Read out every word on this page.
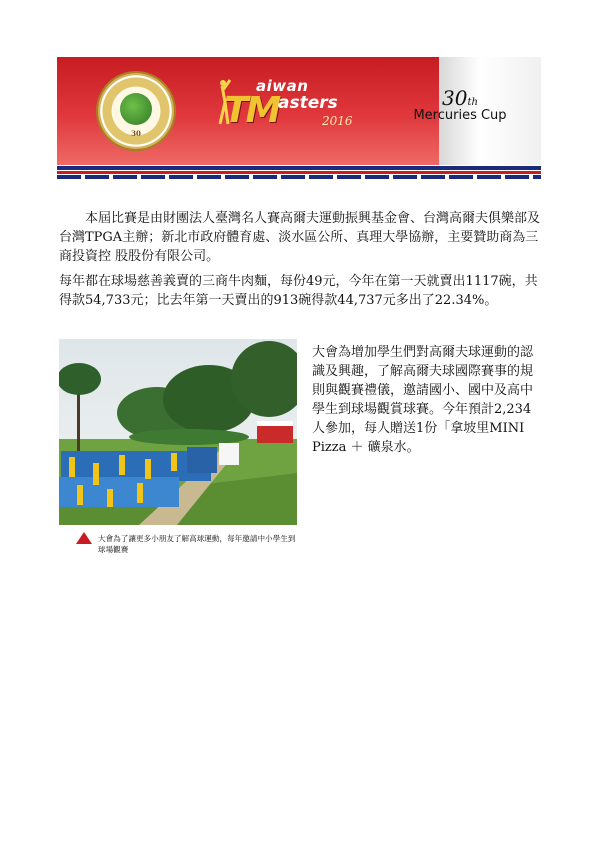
30
TM
aiwan
asters
2016
30th
Mercuries Cup

本屆比賽是由財團法人臺灣名人賽高爾夫運動振興基金會、台灣高爾夫俱樂部及台灣TPGA主辦；新北市政府體育處、淡水區公所、真理大學協辦，主要贊助商為三商投資控 股股份有限公司。

每年都在球場慈善義賣的三商牛肉麵，每份49元，今年在第一天就賣出1117碗，共得款54,733元；比去年第一天賣出的913碗得款44,737元多出了22.34%。

大會為增加學生們對高爾夫球運動的認識及興趣，了解高爾夫球國際賽事的規則與觀賽禮儀，邀請國小、國中及高中學生到球場觀賞球賽。今年預計2,234人參加，每人贈送1份「拿坡里MINI Pizza ＋ 礦泉水。

大會為了讓更多小朋友了解高球運動，每年邀請中小學生到球場觀賽
